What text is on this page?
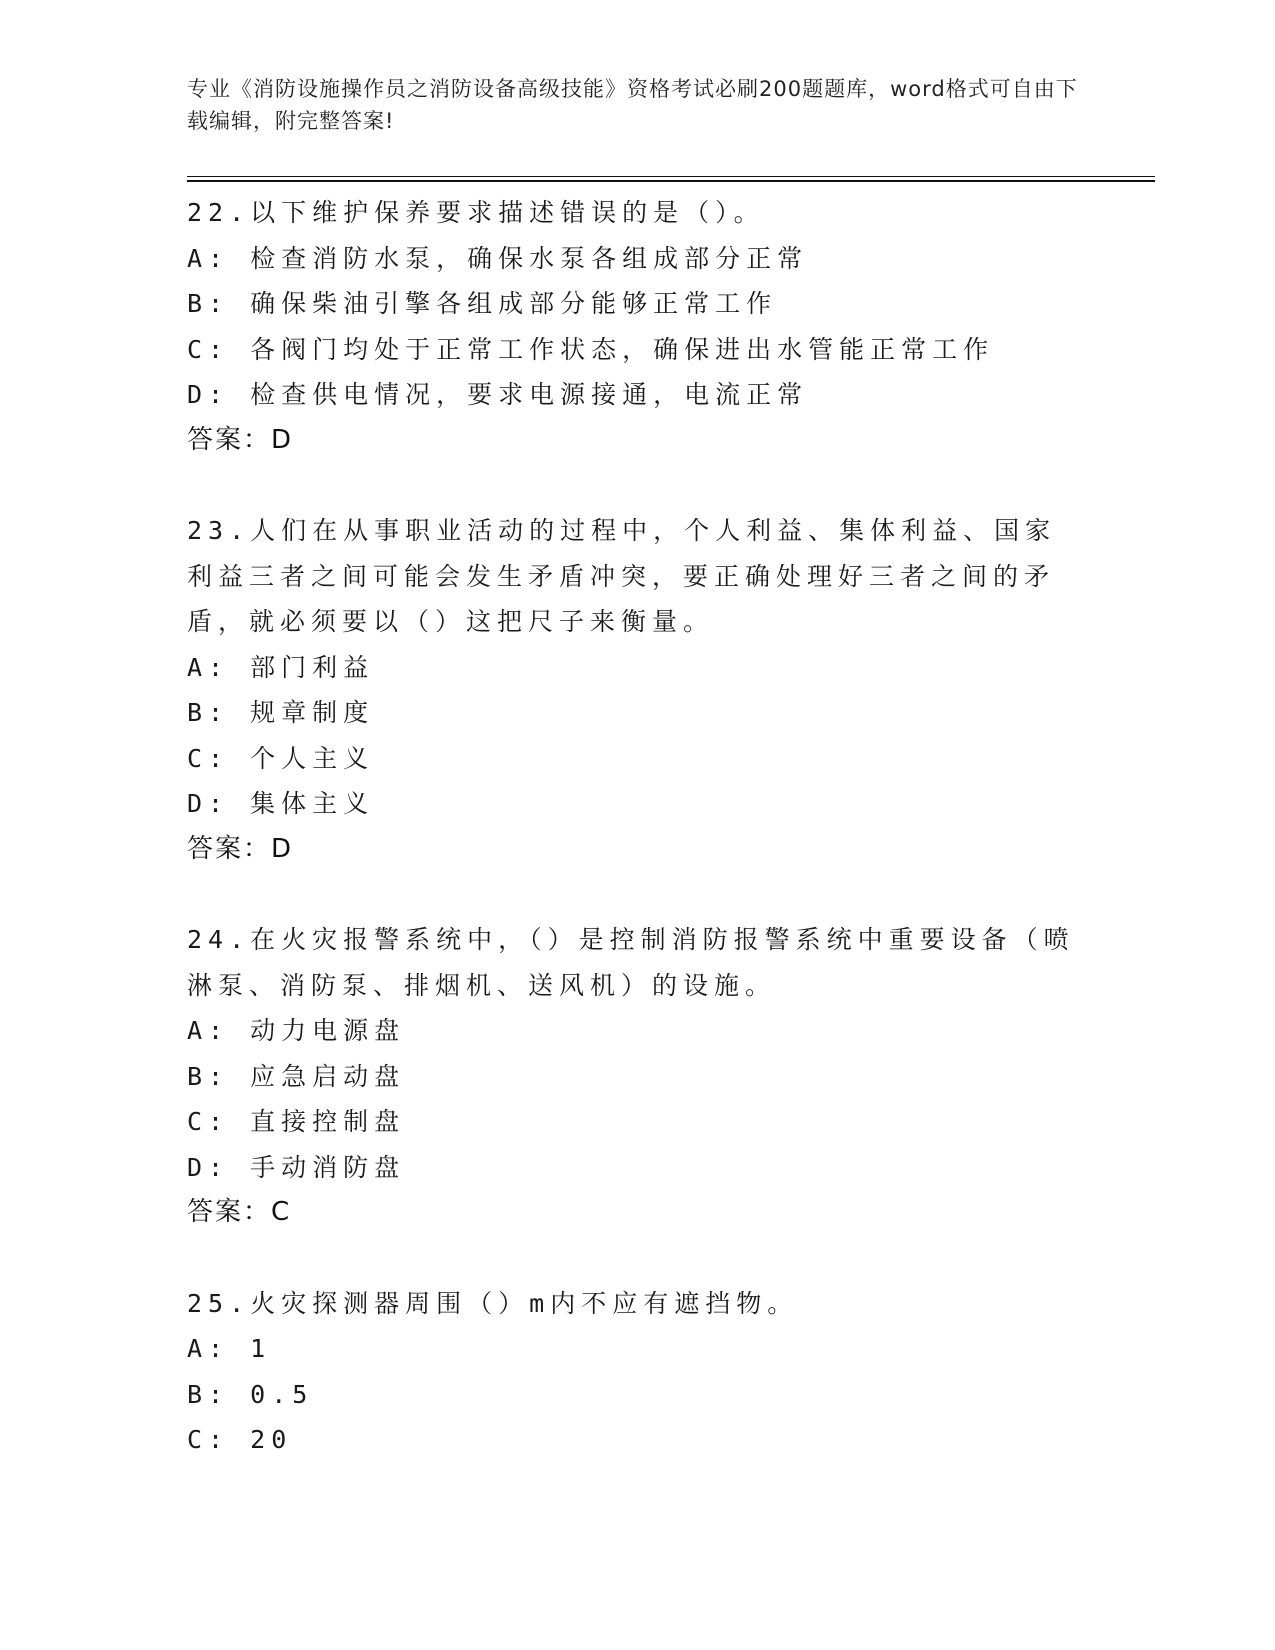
专业《消防设施操作员之消防设备高级技能》资格考试必刷200题题库，word格式可自由下载编辑，附完整答案!
22.以下维护保养要求描述错误的是（）。
A: 检查消防水泵，确保水泵各组成部分正常
B: 确保柴油引擎各组成部分能够正常工作
C: 各阀门均处于正常工作状态，确保进出水管能正常工作
D: 检查供电情况，要求电源接通，电流正常
答案：D
23.人们在从事职业活动的过程中，个人利益、集体利益、国家利益三者之间可能会发生矛盾冲突，要正确处理好三者之间的矛盾，就必须要以（）这把尺子来衡量。
A: 部门利益
B: 规章制度
C: 个人主义
D: 集体主义
答案：D
24.在火灾报警系统中，（）是控制消防报警系统中重要设备（喷淋泵、消防泵、排烟机、送风机）的设施。
A: 动力电源盘
B: 应急启动盘
C: 直接控制盘
D: 手动消防盘
答案：C
25.火灾探测器周围（）m内不应有遮挡物。
A: 1
B: 0.5
C: 20
